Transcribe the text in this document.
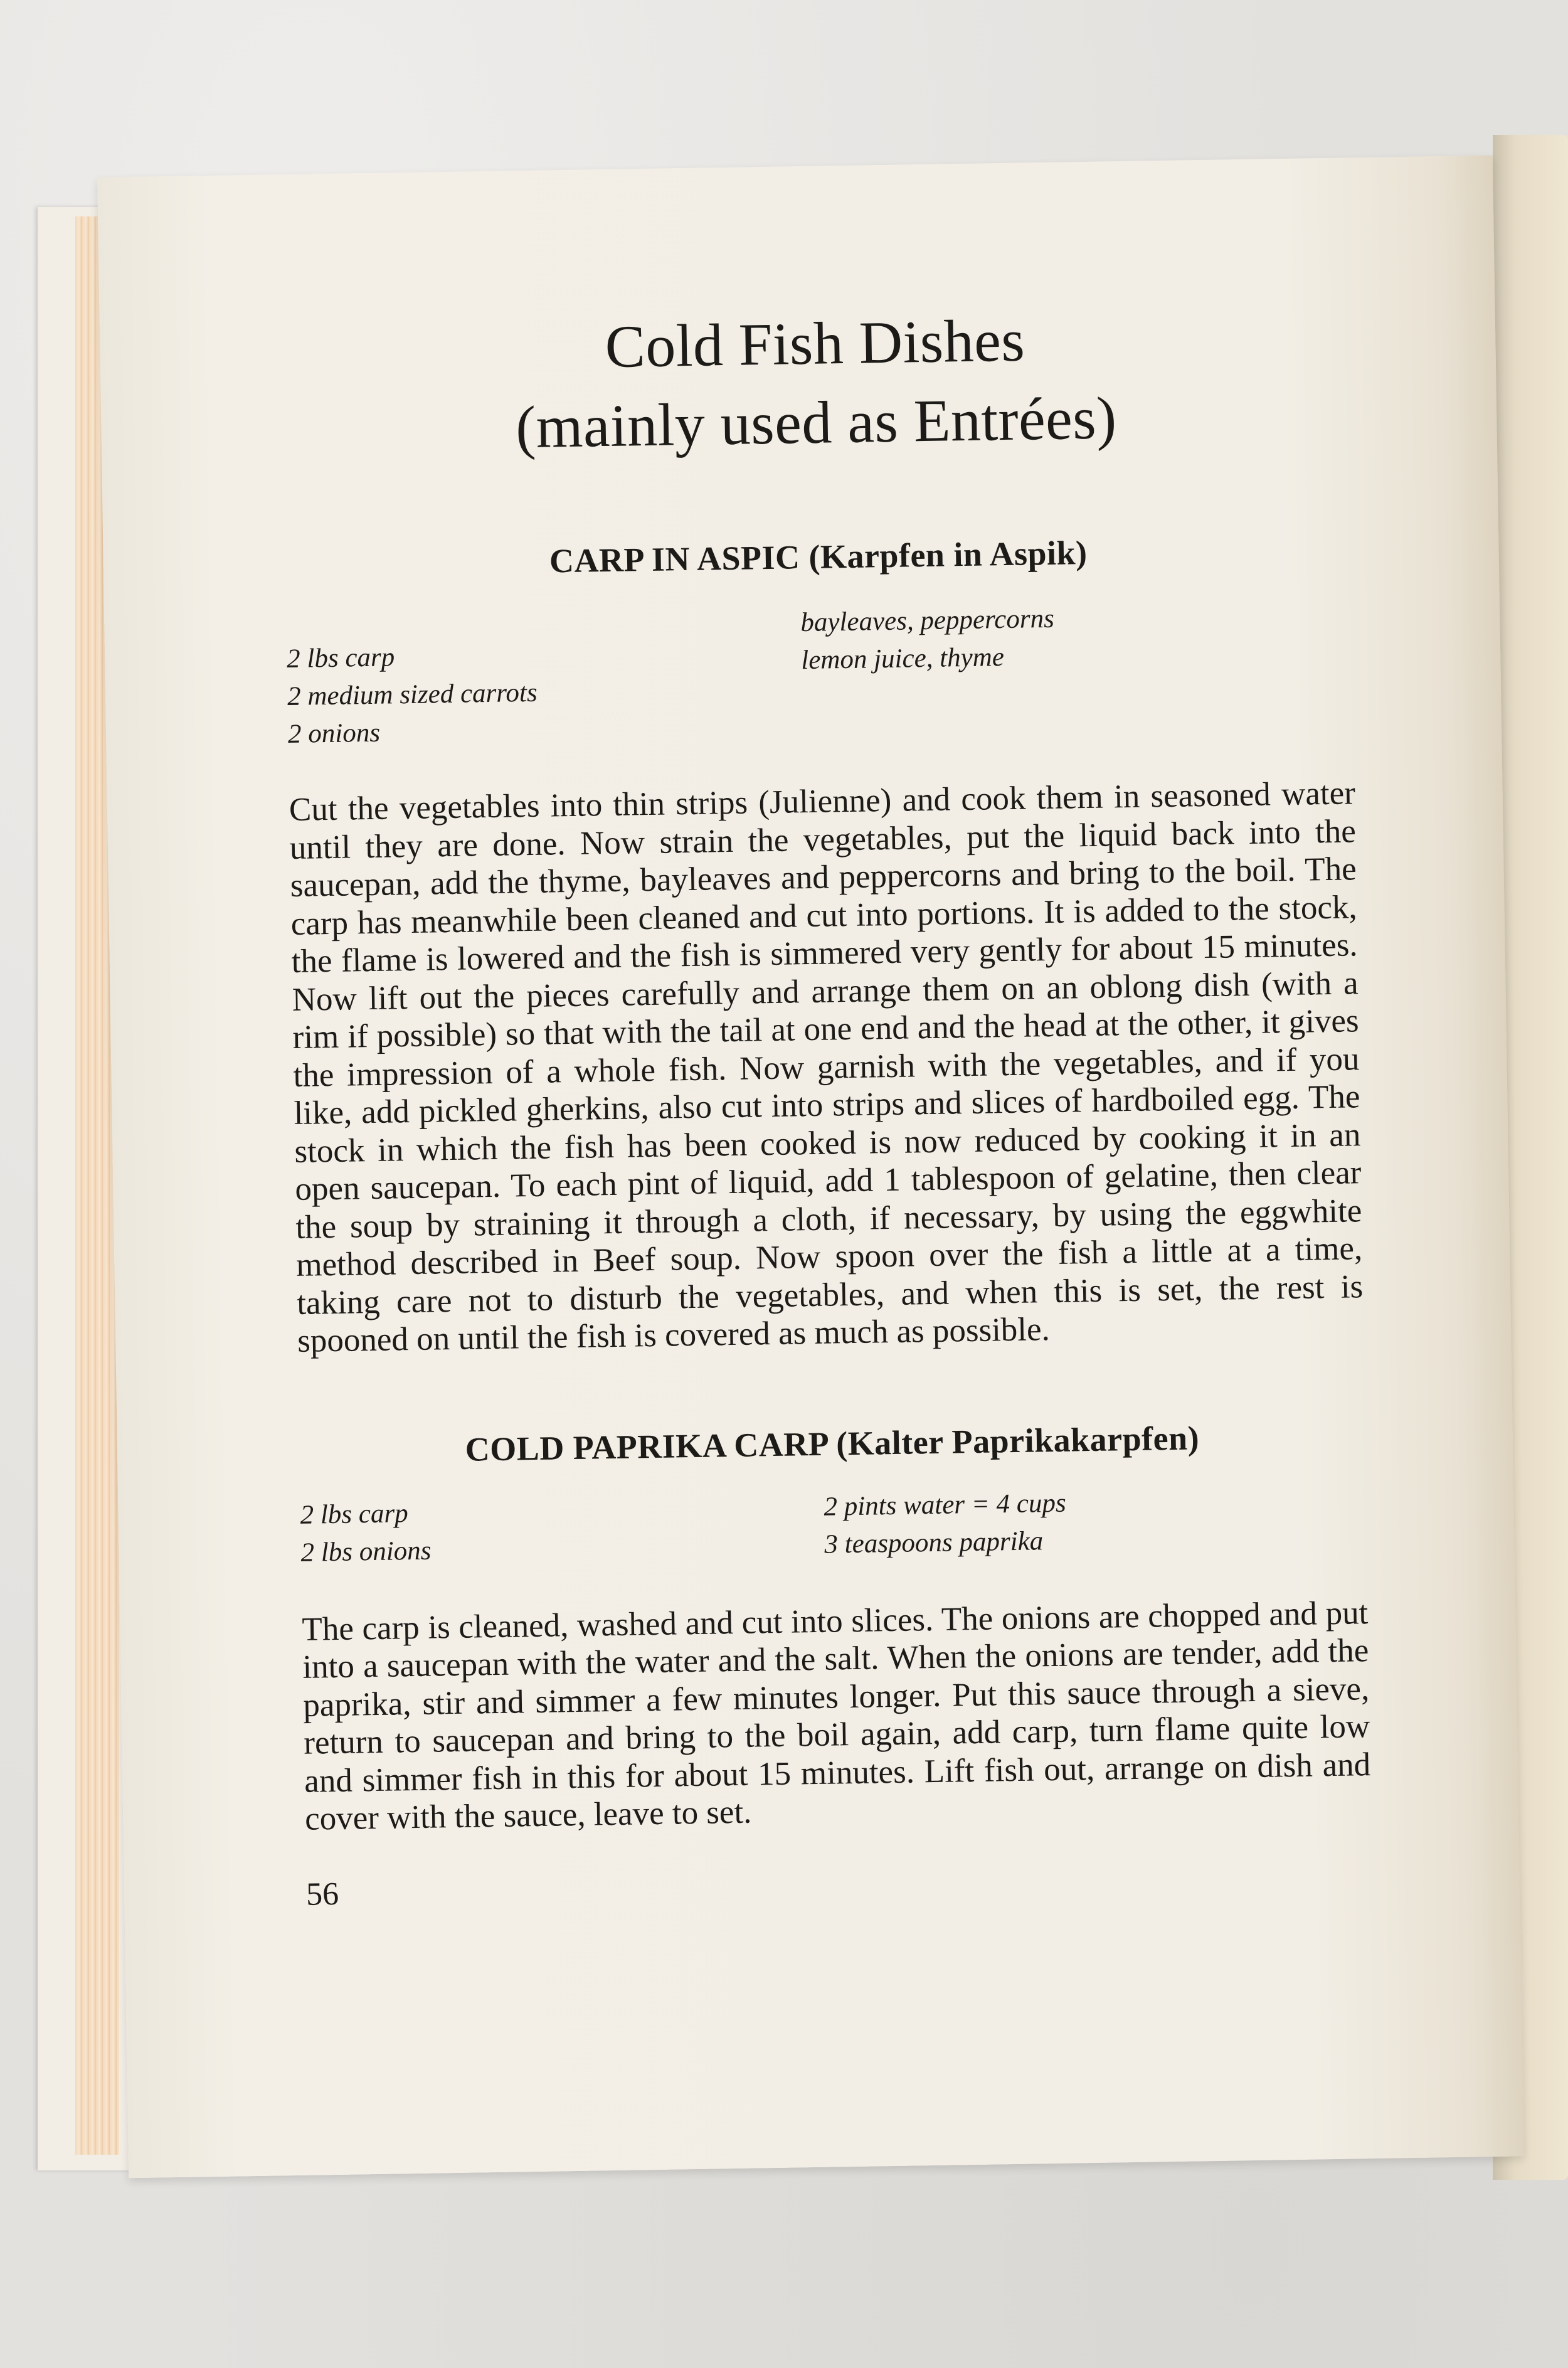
Cold Fish Dishes
(mainly used as Entrées)
CARP IN ASPIC (Karpfen in Aspik)
2 lbs carp
2 medium sized carrots
2 onions
bayleaves, peppercorns
lemon juice, thyme

Cut the vegetables into thin strips (Julienne) and cook them in seasoned water until they are done. Now strain the vegetables, put the liquid back into the saucepan, add the thyme, bayleaves and peppercorns and bring to the boil. The carp has meanwhile been cleaned and cut into portions. It is added to the stock, the flame is lowered and the fish is simmered very gently for about 15 minutes. Now lift out the pieces carefully and arrange them on an oblong dish (with a rim if possible) so that with the tail at one end and the head at the other, it gives the impression of a whole fish. Now garnish with the vegetables, and if you like, add pickled gherkins, also cut into strips and slices of hardboiled egg. The stock in which the fish has been cooked is now reduced by cooking it in an open saucepan. To each pint of liquid, add 1 tablespoon of gelatine, then clear the soup by straining it through a cloth, if necessary, by using the eggwhite method described in Beef soup. Now spoon over the fish a little at a time, taking care not to disturb the vegetables, and when this is set, the rest is spooned on until the fish is covered as much as possible.

COLD PAPRIKA CARP (Kalter Paprikakarpfen)
2 lbs carp
2 lbs onions
2 pints water = 4 cups
3 teaspoons paprika

The carp is cleaned, washed and cut into slices. The onions are chopped and put into a saucepan with the water and the salt. When the onions are tender, add the paprika, stir and simmer a few minutes longer. Put this sauce through a sieve, return to saucepan and bring to the boil again, add carp, turn flame quite low and simmer fish in this for about 15 minutes. Lift fish out, arrange on dish and cover with the sauce, leave to set.

56
